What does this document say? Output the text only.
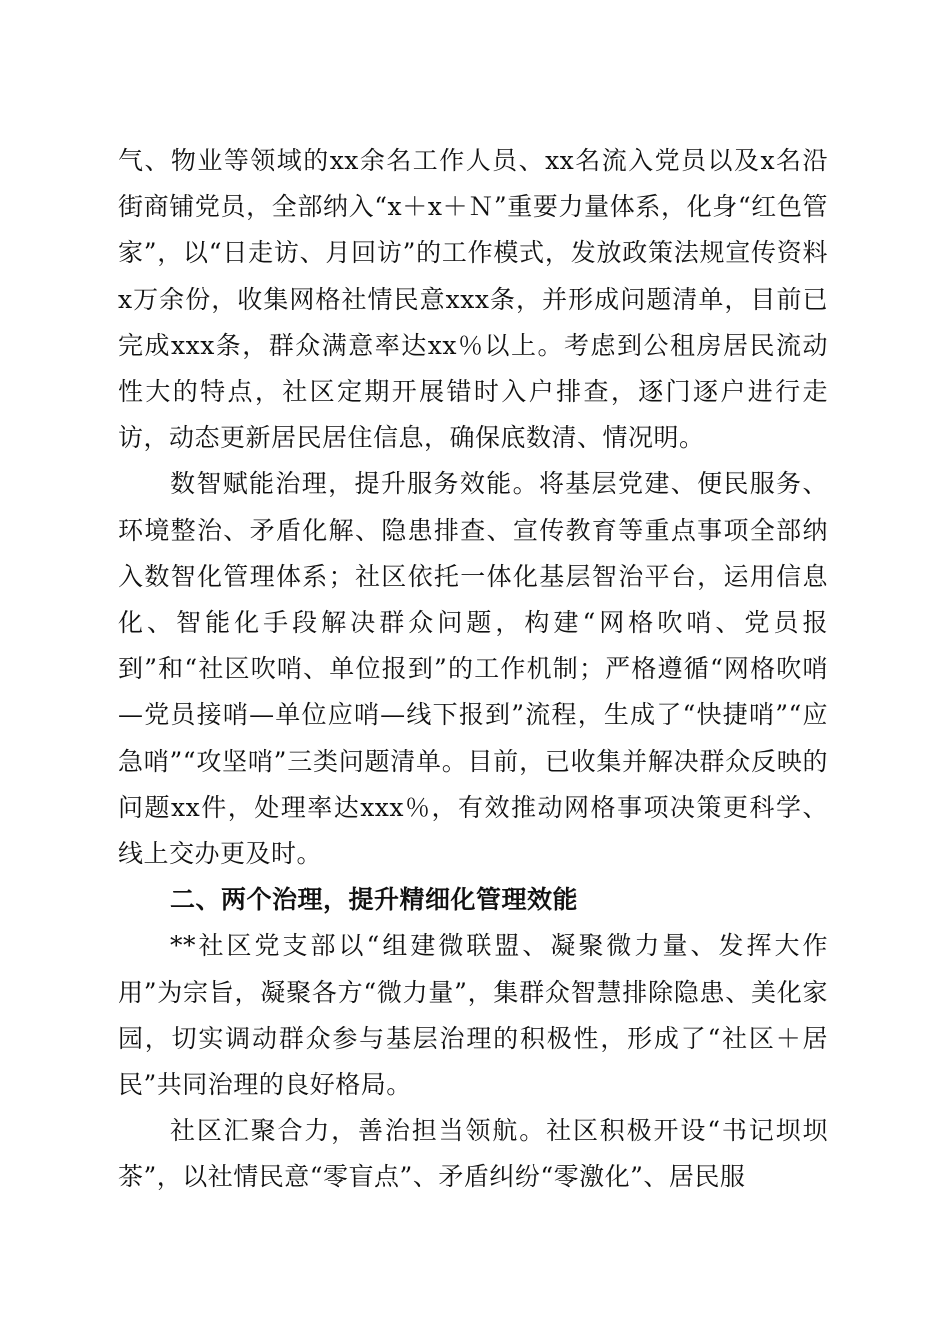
气、物业等领域的xx余名工作人员、xx名流入党员以及x名沿街商铺党员，全部纳入“x＋x＋Ｎ”重要力量体系，化身“红色管家”，以“日走访、月回访”的工作模式，发放政策法规宣传资料x万余份，收集网格社情民意xxx条，并形成问题清单，目前已完成xxx条，群众满意率达xx％以上。考虑到公租房居民流动性大的特点，社区定期开展错时入户排查，逐门逐户进行走访，动态更新居民居住信息，确保底数清、情况明。

数智赋能治理，提升服务效能。将基层党建、便民服务、环境整治、矛盾化解、隐患排查、宣传教育等重点事项全部纳入数智化管理体系；社区依托一体化基层智治平台，运用信息化、智能化手段解决群众问题，构建“网格吹哨、党员报到”和“社区吹哨、单位报到”的工作机制；严格遵循“网格吹哨—党员接哨—单位应哨—线下报到”流程，生成了“快捷哨”“应急哨”“攻坚哨”三类问题清单。目前，已收集并解决群众反映的问题xx件，处理率达xxx％，有效推动网格事项决策更科学、线上交办更及时。

二、两个治理，提升精细化管理效能

**社区党支部以“组建微联盟、凝聚微力量、发挥大作用”为宗旨，凝聚各方“微力量”，集群众智慧排除隐患、美化家园，切实调动群众参与基层治理的积极性，形成了“社区＋居民”共同治理的良好格局。

社区汇聚合力，善治担当领航。社区积极开设“书记坝坝茶”，以社情民意“零盲点”、矛盾纠纷“零激化”、居民服
